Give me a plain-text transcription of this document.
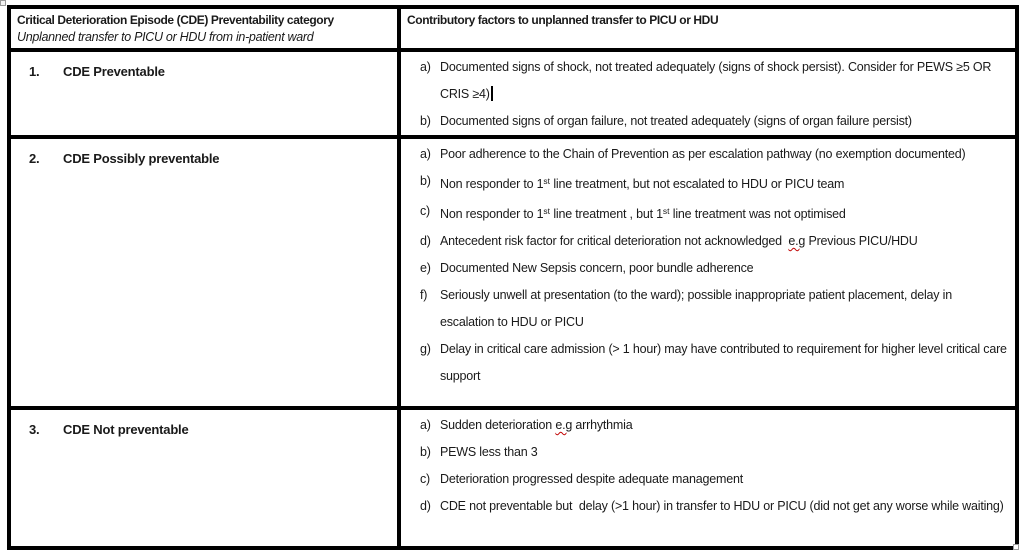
Critical Deterioration Episode (CDE) Preventability category
Unplanned transfer to PICU or HDU from in-patient ward	Contributory factors to unplanned transfer to PICU or HDU

1. CDE Preventable	a) Documented signs of shock, not treated adequately (signs of shock persist). Consider for PEWS ≥5 OR CRIS ≥4)
b) Documented signs of organ failure, not treated adequately (signs of organ failure persist)

2. CDE Possibly preventable	a) Poor adherence to the Chain of Prevention as per escalation pathway (no exemption documented)
b) Non responder to 1st line treatment, but not escalated to HDU or PICU team
c) Non responder to 1st line treatment , but 1st line treatment was not optimised
d) Antecedent risk factor for critical deterioration not acknowledged  e.g Previous PICU/HDU
e) Documented New Sepsis concern, poor bundle adherence
f)	Seriously unwell at presentation (to the ward); possible inappropriate patient placement, delay in escalation to HDU or PICU
g) Delay in critical care admission (> 1 hour) may have contributed to requirement for higher level critical care support

3. CDE Not preventable	a) Sudden deterioration e.g arrhythmia
b) PEWS less than 3
c) Deterioration progressed despite adequate management
d) CDE not preventable but  delay (>1 hour) in transfer to HDU or PICU (did not get any worse while waiting)
